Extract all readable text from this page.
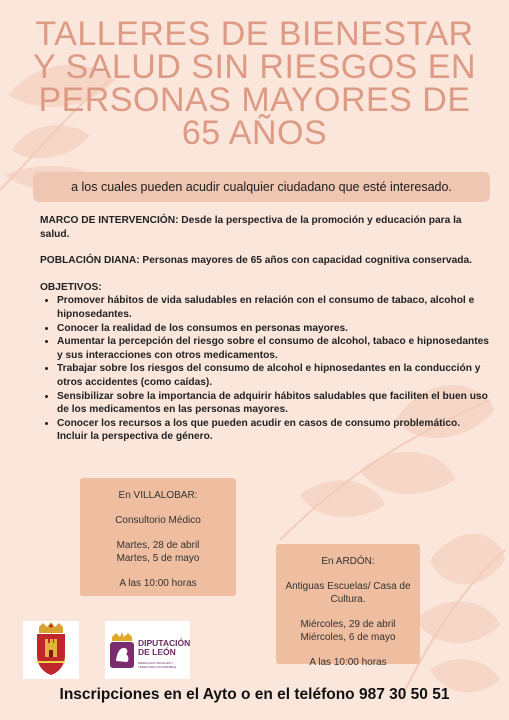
TALLERES DE BIENESTAR
Y SALUD SIN RIESGOS EN
PERSONAS MAYORES DE
65 AÑOS
a los cuales pueden acudir cualquier ciudadano que esté interesado.

MARCO DE INTERVENCIÓN: Desde la perspectiva de la promoción y educación para la salud.

POBLACIÓN DIANA: Personas mayores de 65 años con capacidad cognitiva conservada.

OBJETIVOS:
• Promover hábitos de vida saludables en relación con el consumo de tabaco, alcohol e hipnosedantes.
• Conocer la realidad de los consumos en personas mayores.
• Aumentar la percepción del riesgo sobre el consumo de alcohol, tabaco e hipnosedantes y sus interacciones con otros medicamentos.
• Trabajar sobre los riesgos del consumo de alcohol e hipnosedantes en la conducción y otros accidentes (como caídas).
• Sensibilizar sobre la importancia de adquirir hábitos saludables que faciliten el buen uso de los medicamentos en las personas mayores.
• Conocer los recursos a los que pueden acudir en casos de consumo problemático.
Incluir la perspectiva de género.
En VILLALOBAR:
Consultorio Médico
Martes, 28 de abril
Martes, 5 de mayo
A las 10:00 horas
En ARDÓN:
Antiguas Escuelas/ Casa de
Cultura.
Miércoles, 29 de abril
Miércoles, 6 de mayo
A las 10:00 horas
DIPUTACIÓN
DE LEÓN
DERECHOS SOCIALES Y TERRITORIO SOSTENIBLE
Inscripciones en el Ayto o en el teléfono 987 30 50 51
